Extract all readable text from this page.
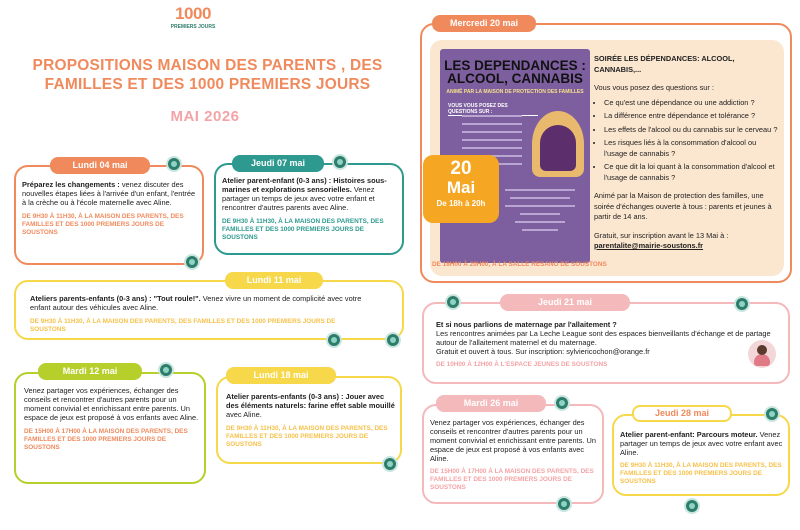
1000
PREMIERS JOURS
PROPOSITIONS MAISON DES PARENTS , DES
FAMILLES ET DES 1000 PREMIERS JOURS
MAI 2026
Lundi 04 mai
Préparez les changements : venez discuter des nouvelles étapes liées à l'arrivée d'un enfant, l'entrée à la crèche ou à l'école maternelle avec Aline.
DE 9H30 À 11H30, À LA MAISON DES PARENTS, DES FAMILLES ET DES 1000 PREMIERS JOURS DE SOUSTONS
Jeudi 07 mai
Atelier parent-enfant (0-3 ans) : Histoires sous-marines et explorations sensorielles. Venez partager un temps de jeux avec votre enfant et rencontrer d'autres parents avec Aline.
DE 9H30 À 11H30, À LA MAISON DES PARENTS, DES FAMILLES ET DES 1000 PREMIERS JOURS DE SOUSTONS
Lundi 11 mai
Ateliers parents-enfants (0-3 ans) : "Tout roule!". Venez vivre un moment de complicité avec votre enfant autour des véhicules avec Aline.
DE 9H30 À 11H30, À LA MAISON DES PARENTS, DES FAMILLES ET DES 1000 PREMIERS JOURS DE SOUSTONS
Mardi 12 mai
Venez partager vos expériences, échanger des conseils et rencontrer d'autres parents pour un moment convivial et enrichissant entre parents. Un espace de jeux est proposé à vos enfants avec Aline.
DE 15H00 À 17H00 À LA MAISON DES PARENTS, DES FAMILLES ET DES 1000 PREMIERS JOURS DE SOUSTONS
Lundi 18 mai
Atelier parents-enfants (0-3 ans) : Jouer avec des éléments naturels: farine effet sable mouillé avec Aline.
DE 9H30 À 11H30, À LA MAISON DES PARENTS, DES FAMILLES ET DES 1000 PREMIERS JOURS DE SOUSTONS
Mercredi 20 mai
LES DEPENDANCES : ALCOOL, CANNABIS
ANIMÉ PAR LA MAISON DE PROTECTION DES FAMILLES
VOUS VOUS POSEZ DES QUESTIONS SUR :
20
Mai
De 18h à 20h
SOIRÉE LES DÉPENDANCES: ALCOOL, CANNABIS,...
Vous vous posez des questions sur :
• Ce qu'est une dépendance ou une addiction ?
• La différence entre dépendance et tolérance ?
• Les effets de l'alcool ou du cannabis sur le cerveau ?
• Les risques liés à la consommation d'alcool ou l'usage de cannabis ?
• Ce que dit la loi quant à la consommation d'alcool et l'usage de cannabis ?
Animé par la Maison de protection des familles, une soirée d'échanges ouverte à tous : parents et jeunes à partir de 14 ans.
Gratuit, sur inscription avant le 13 Mai à :
parentalite@mairie-soustons.fr
DE 18H00 À 20H00, À LA SALLE RESANO DE SOUSTONS
Jeudi 21 mai
Et si nous parlions de maternage par l'allaitement ?
Les rencontres animées par La Leche League sont des espaces bienveillants d'échange et de partage autour de l'allaitement maternel et du maternage.
Gratuit et ouvert à tous. Sur inscription: sylviericochon@orange.fr
DE 10H00 À 12H00 À L'ESPACE JEUNES DE SOUSTONS
Mardi 26 mai
Venez partager vos expériences, échanger des conseils et rencontrer d'autres parents pour un moment convivial et enrichissant entre parents. Un espace de jeux est proposé à vos enfants avec Aline.
DE 15H00 À 17H00 À LA MAISON DES PARENTS, DES FAMILLES ET DES 1000 PREMIERS JOURS DE SOUSTONS
Jeudi 28 mai
Atelier parent-enfant: Parcours moteur. Venez partager un temps de jeux avec votre enfant avec Aline.
DE 9H30 À 11H30, À LA MAISON DES PARENTS, DES FAMILLES ET DES 1000 PREMIERS JOURS DE SOUSTONS
